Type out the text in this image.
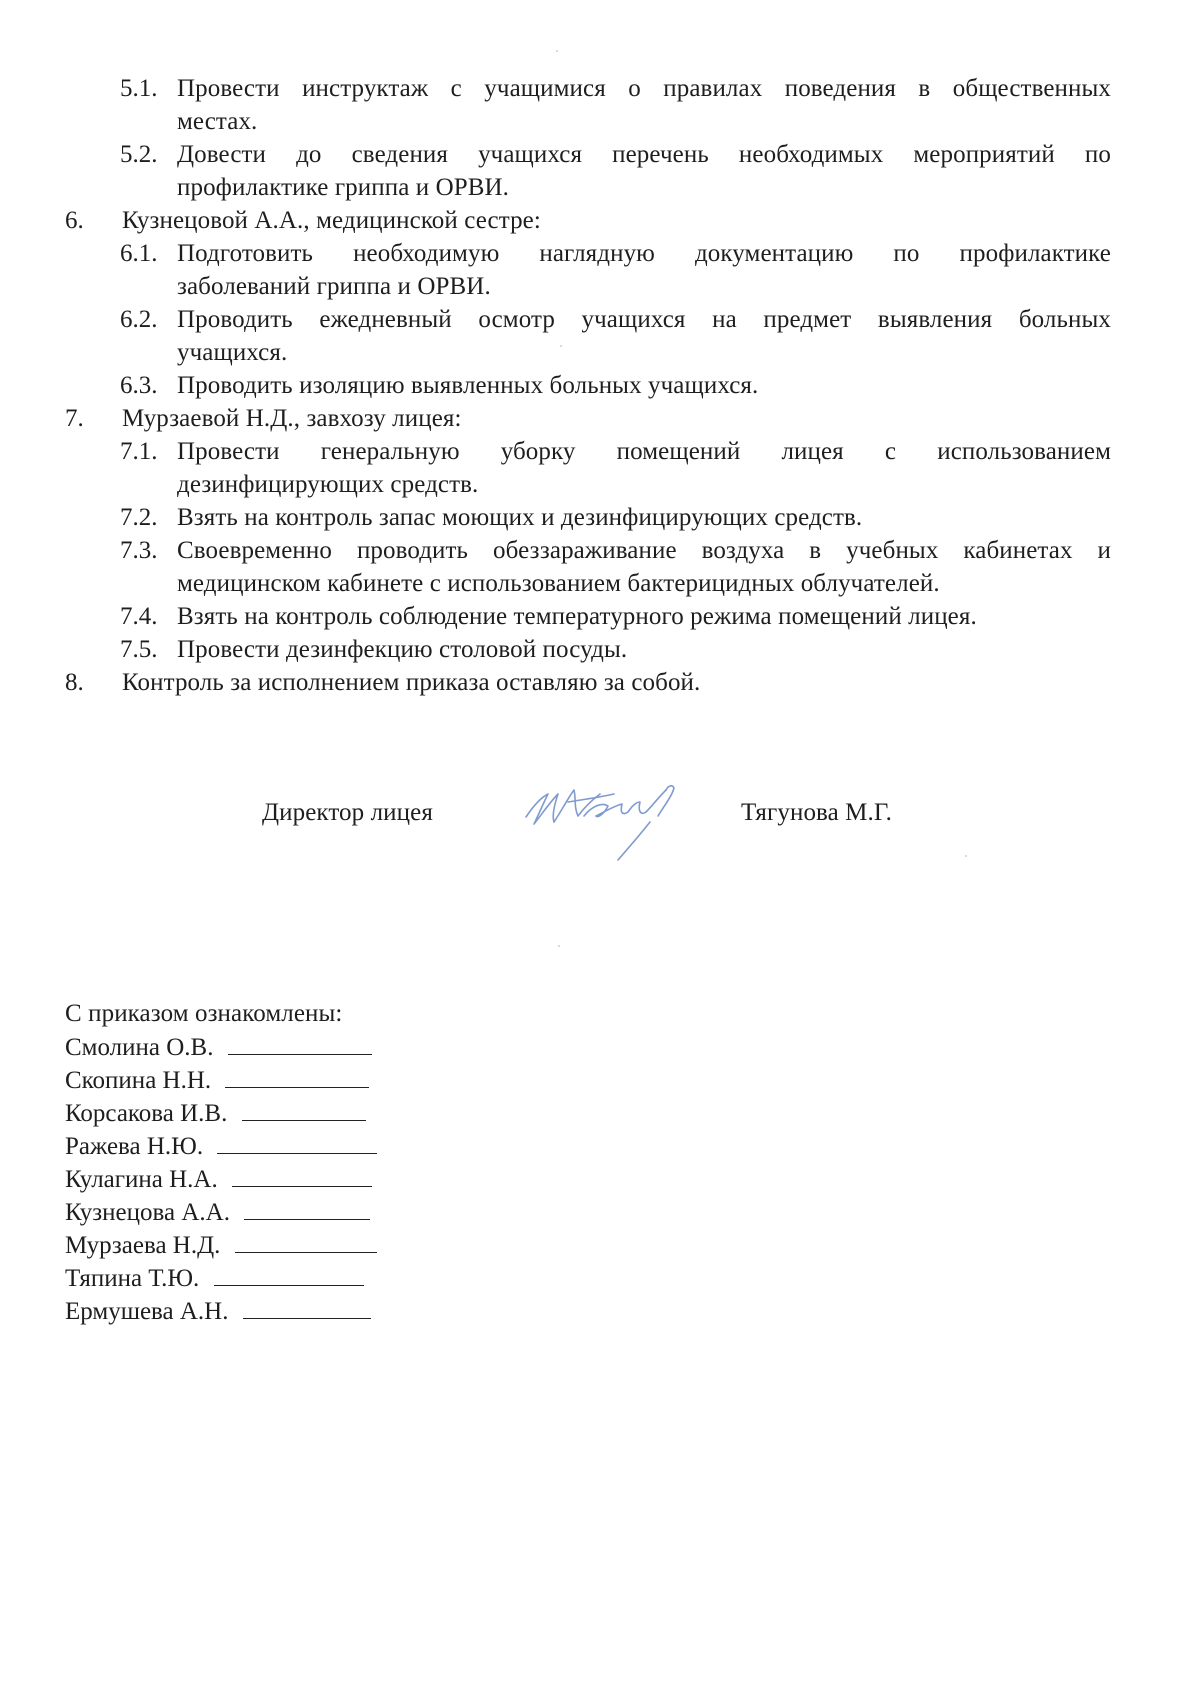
5.1. Провести инструктаж с учащимися о правилах поведения в общественных
местах.
5.2. Довести до сведения учащихся перечень необходимых мероприятий по
профилактике гриппа и ОРВИ.
6. Кузнецовой А.А., медицинской сестре:
6.1. Подготовить необходимую наглядную документацию по профилактике
заболеваний гриппа и ОРВИ.
6.2. Проводить ежедневный осмотр учащихся на предмет выявления больных
учащихся.
6.3. Проводить изоляцию выявленных больных учащихся.
7. Мурзаевой Н.Д., завхозу лицея:
7.1. Провести генеральную уборку помещений лицея с использованием
дезинфицирующих средств.
7.2. Взять на контроль запас моющих и дезинфицирующих средств.
7.3. Своевременно проводить обеззараживание воздуха в учебных кабинетах и
медицинском кабинете с использованием бактерицидных облучателей.
7.4. Взять на контроль соблюдение температурного режима помещений лицея.
7.5. Провести дезинфекцию столовой посуды.
8. Контроль за исполнением приказа оставляю за собой.
Директор лицея	Тягунова М.Г.
С приказом ознакомлены:
Смолина О.В.
Скопина Н.Н.
Корсакова И.В.
Ражева Н.Ю.
Кулагина Н.А.
Кузнецова А.А.
Мурзаева Н.Д.
Тяпина Т.Ю.
Ермушева А.Н.
